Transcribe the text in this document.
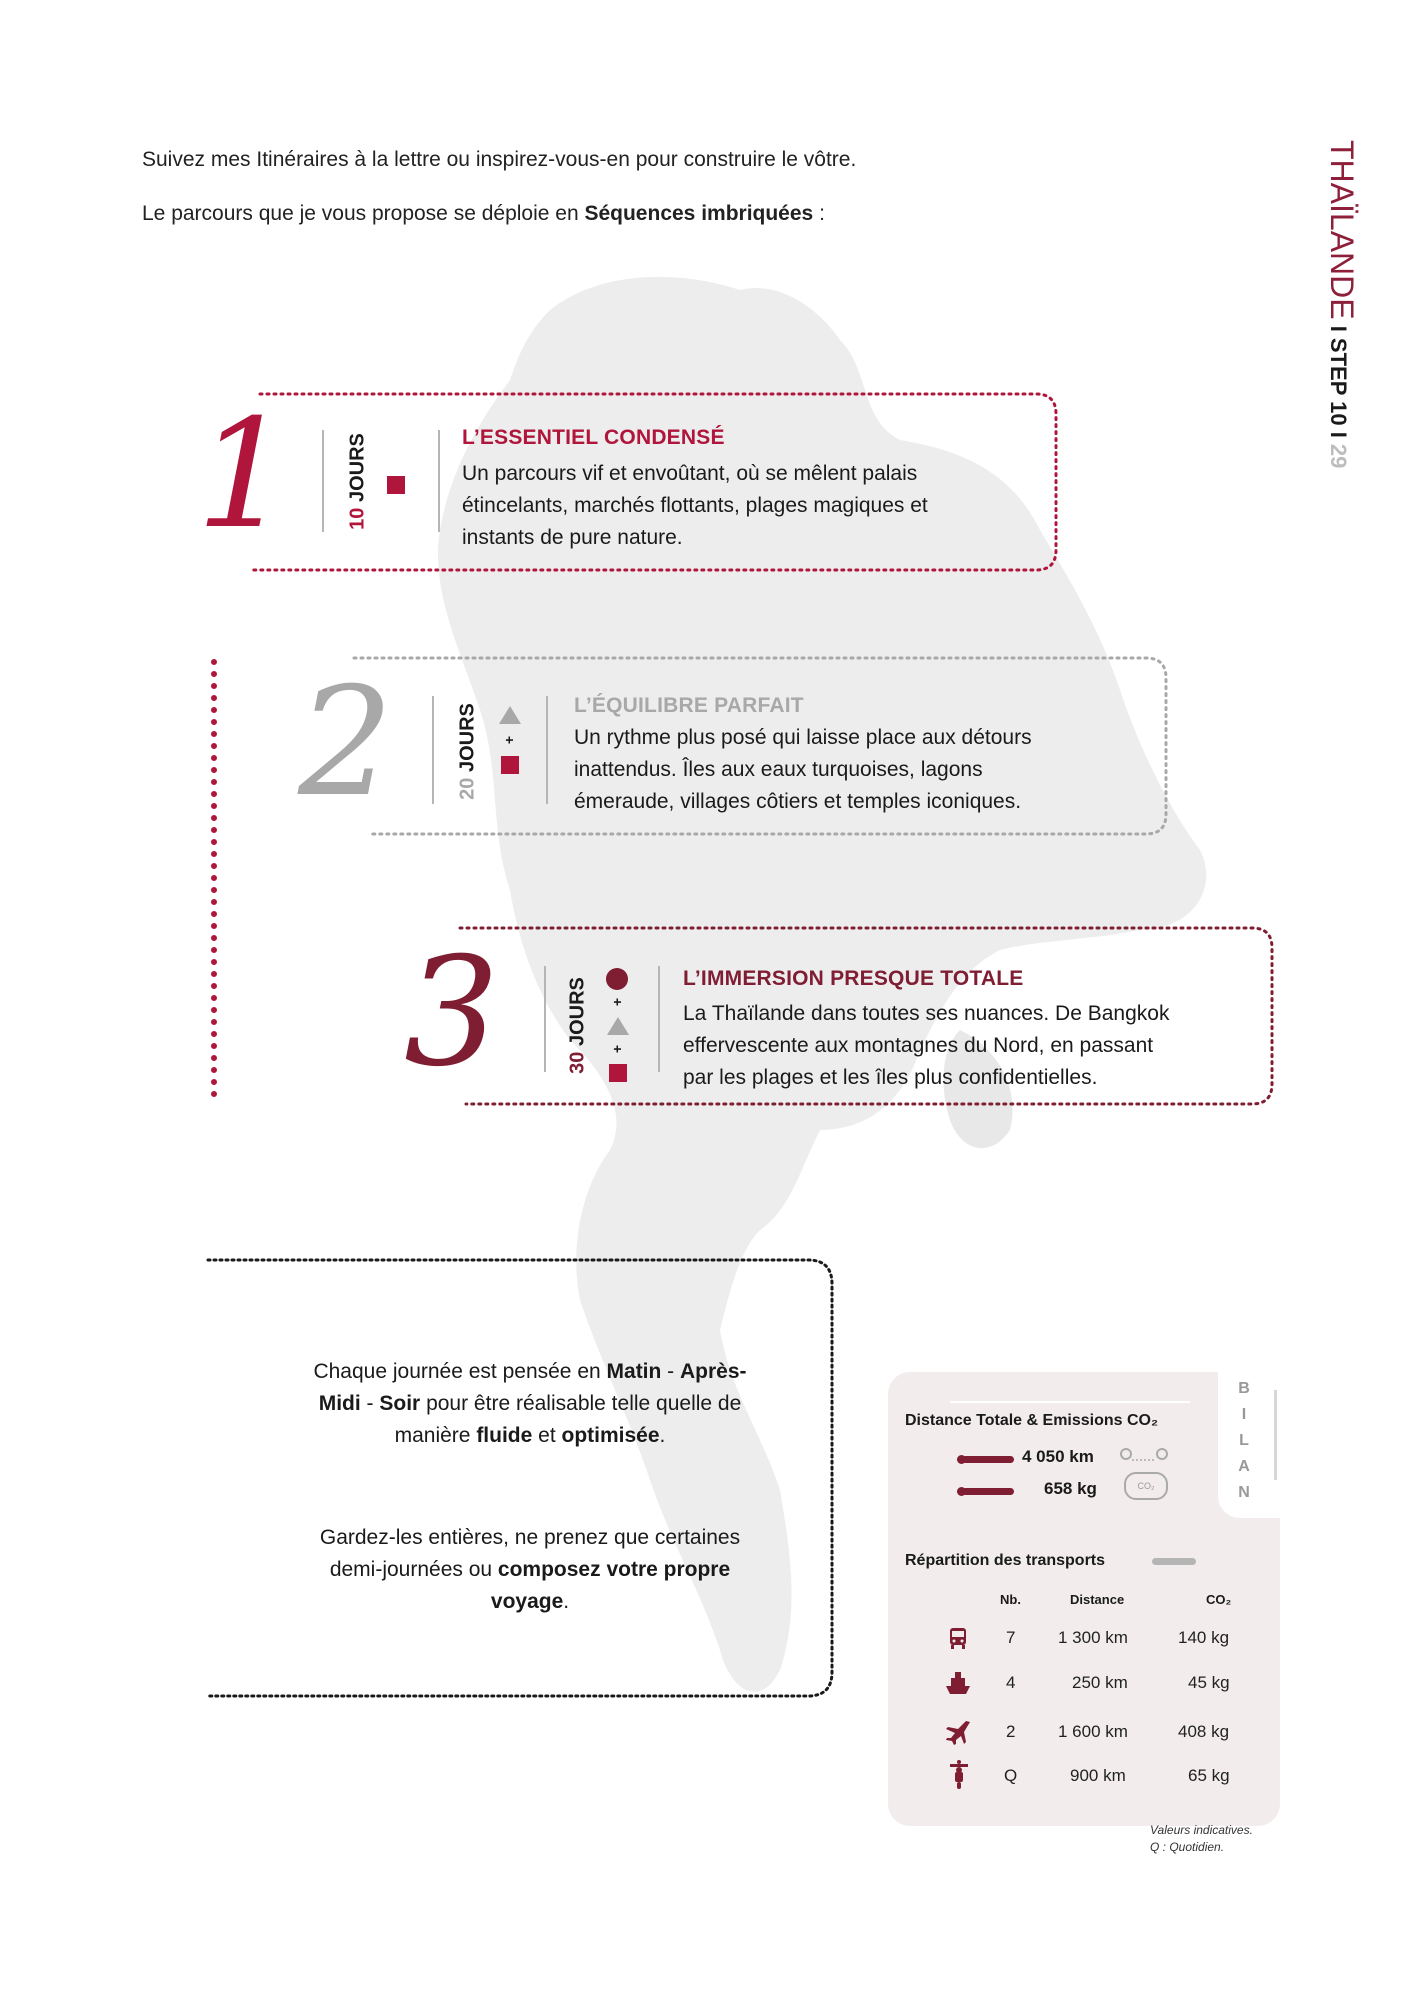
Suivez mes Itinéraires à la lettre ou inspirez-vous-en pour construire le vôtre.
Le parcours que je vous propose se déploie en Séquences imbriquées :	THAÏLANDE I STEP 10 I 29
1	10 JOURS	L’ESSENTIEL CONDENSÉ
Un parcours vif et envoûtant, où se mêlent palais
étincelants, marchés flottants, plages magiques et
instants de pure nature.
2	20 JOURS +
L’ÉQUILIBRE PARFAIT
Un rythme plus posé qui laisse place aux détours
inattendus. Îles aux eaux turquoises, lagons
émeraude, villages côtiers et temples iconiques.
3	30 JOURS +
+
L’IMMERSION PRESQUE TOTALE
La Thaïlande dans toutes ses nuances. De Bangkok
effervescente aux montagnes du Nord, en passant
par les plages et les îles plus confidentielles.
Chaque journée est pensée en Matin - Après-
Midi - Soir pour être réalisable telle quelle de
manière fluide et optimisée.
Gardez-les entières, ne prenez que certaines
demi-journées ou composez votre propre
voyage.
B
I
L
A
N
Distance Totale & Emissions CO₂
4 050 km
658 kg	CO₂
Répartition des transports
Nb.	Distance	CO₂
7	1 300 km	140 kg
4	250 km	45 kg
2	1 600 km	408 kg
Q	900 km	65 kg
Valeurs indicatives.
Q : Quotidien.
